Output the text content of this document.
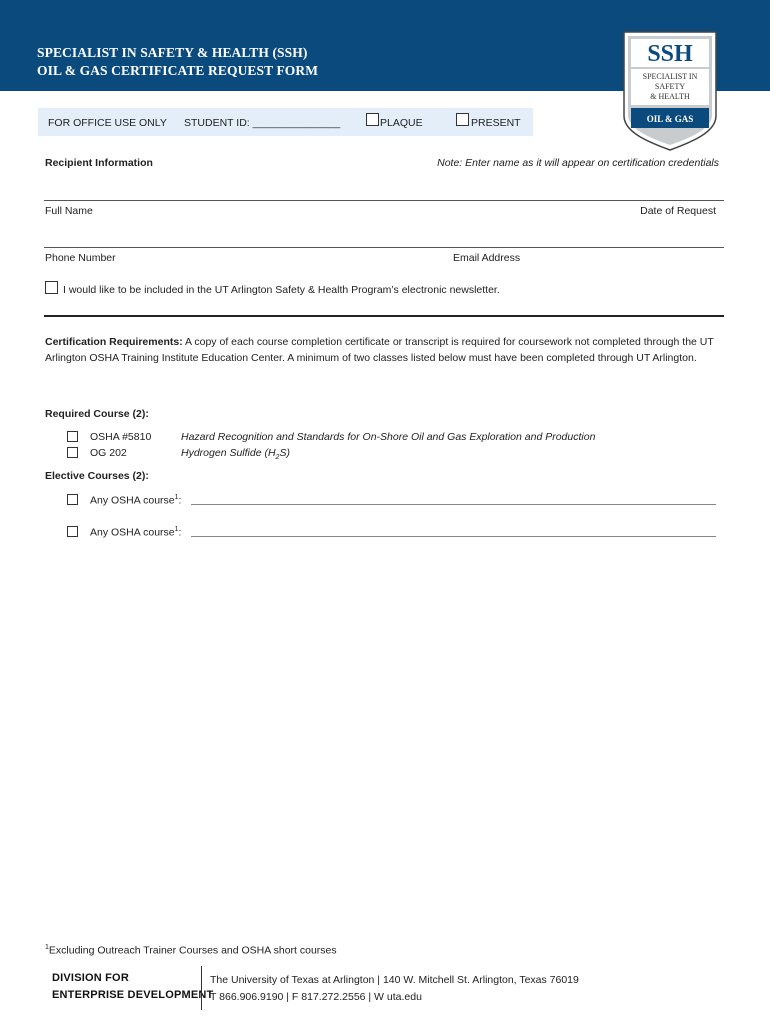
SPECIALIST IN SAFETY & HEALTH (SSH)
OIL & GAS CERTIFICATE REQUEST FORM
SSH
SPECIALIST IN
SAFETY
& HEALTH
OIL & GAS
FOR OFFICE USE ONLY STUDENT ID: _______________	PLAQUE	PRESENT
Recipient Information	Note: Enter name as it will appear on certification credentials
Full Name	Date of Request
Phone Number	Email Address
I would like to be included in the UT Arlington Safety & Health Program’s electronic newsletter.
Certification Requirements: A copy of each course completion certificate or transcript is required for coursework not completed through the UT Arlington OSHA Training Institute Education Center. A minimum of two classes listed below must have been completed through UT Arlington.
Required Course (2):
OSHA #5810	Hazard Recognition and Standards for On-Shore Oil and Gas Exploration and Production
OG 202	Hydrogen Sulfide $(H_2S)$
Elective Courses (2):
Any OSHA course$^1$:
Any OSHA course$^1$:
$^1$Excluding Outreach Trainer Courses and OSHA short courses
DIVISION FOR
ENTERPRISE DEVELOPMENT
The University of Texas at Arlington | 140 W. Mitchell St. Arlington, Texas 76019
T 866.906.9190 | F 817.272.2556 | W uta.edu
